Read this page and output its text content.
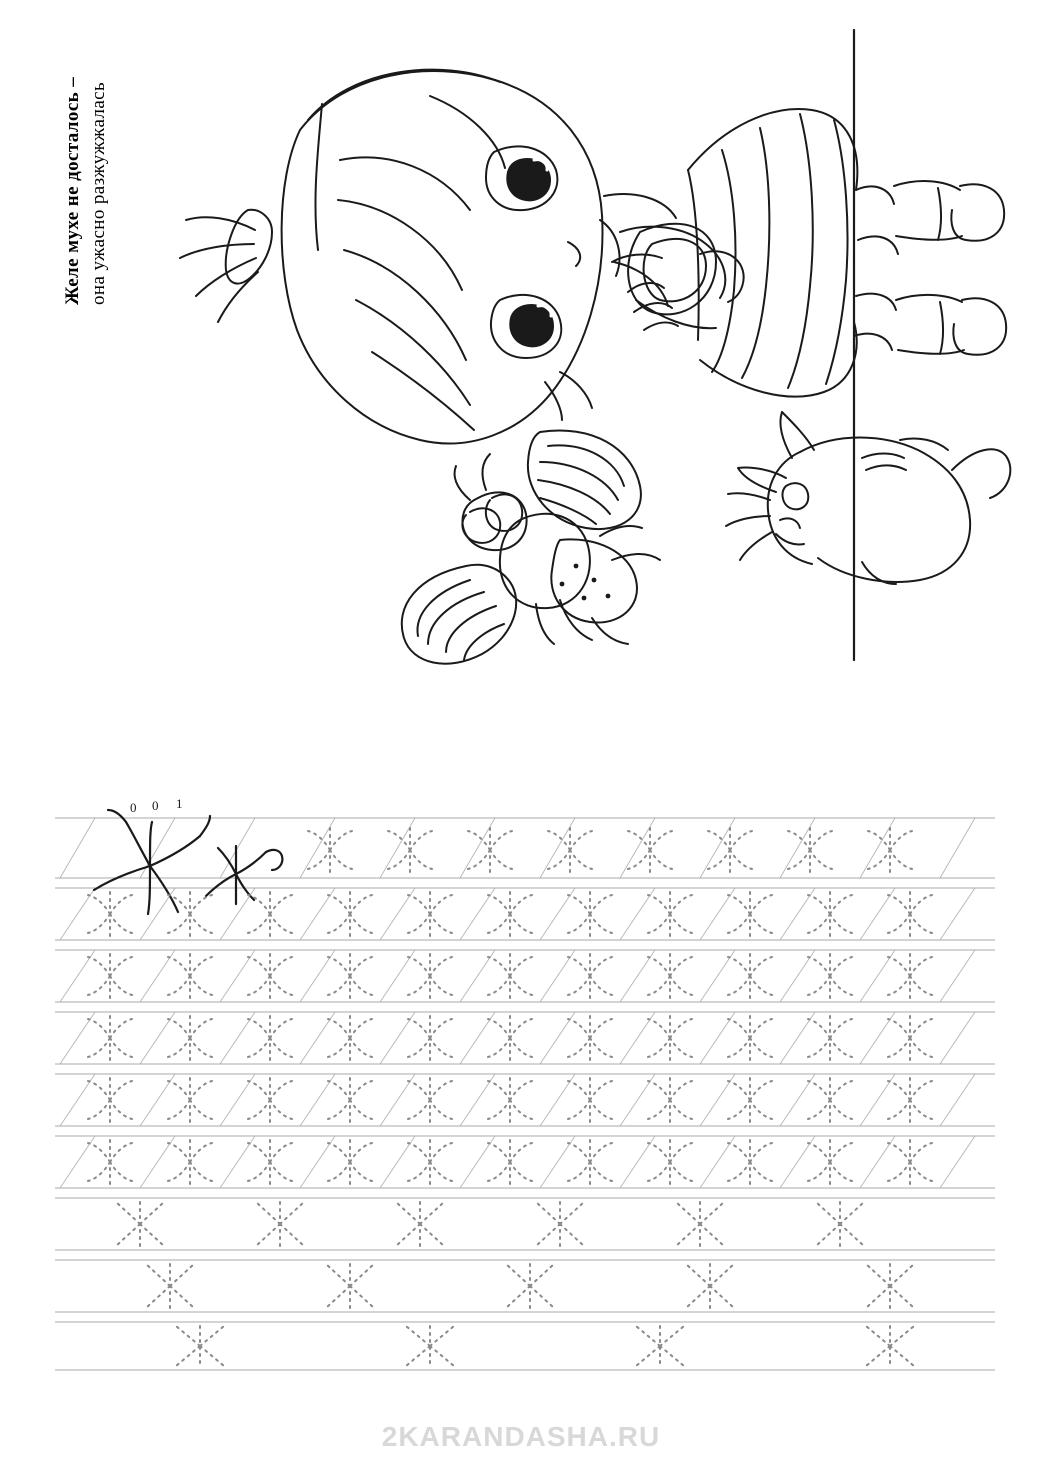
Желе мухе не досталось – она ужасно разжужжалась
0 0 1
2KARANDASHA.RU
